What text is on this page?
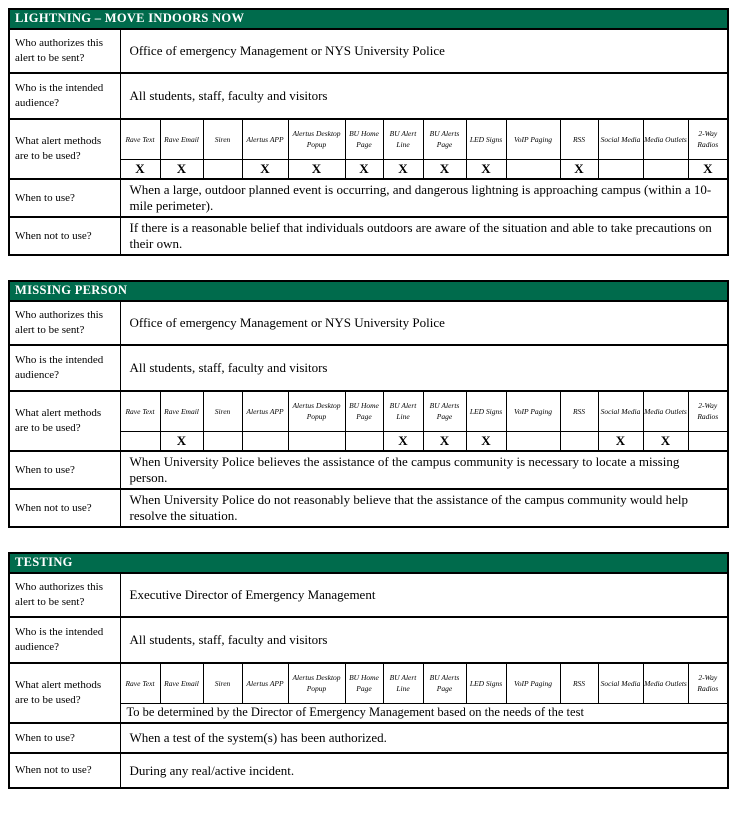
LIGHTNING – MOVE INDOORS NOW														
Who authorizes this alert to be sent?	Office of emergency Management or NYS University Police													
Who is the intended audience?	All students, staff, faculty and visitors													
What alert methods are to be used?	Rave Text	Rave Email	Siren	Alertus APP	Alertus Desktop Popup	BU Home Page	BU Alert Line	BU Alerts Page	LED Signs	VoIP Paging	RSS	Social Media	Media Outlets	2-Way Radios
	X	X		X	X	X	X	X	X		X			X
When to use?	When a large, outdoor planned event is occurring, and dangerous lightning is approaching campus (within a 10-mile perimeter).													
When not to use?	If there is a reasonable belief that individuals outdoors are aware of the situation and able to take precautions on their own.													
MISSING PERSON														
Who authorizes this alert to be sent?	Office of emergency Management or NYS University Police													
Who is the intended audience?	All students, staff, faculty and visitors													
What alert methods are to be used?	Rave Text	Rave Email	Siren	Alertus APP	Alertus Desktop Popup	BU Home Page	BU Alert Line	BU Alerts Page	LED Signs	VoIP Paging	RSS	Social Media	Media Outlets	2-Way Radios
		X					X	X	X			X	X	
When to use?	When University Police believes the assistance of the campus community is necessary to locate a missing person.													
When not to use?	When University Police do not reasonably believe that the assistance of the campus community would help resolve the situation.													
TESTING														
Who authorizes this alert to be sent?	Executive Director of Emergency Management													
Who is the intended audience?	All students, staff, faculty and visitors													
What alert methods are to be used?	Rave Text	Rave Email	Siren	Alertus APP	Alertus Desktop Popup	BU Home Page	BU Alert Line	BU Alerts Page	LED Signs	VoIP Paging	RSS	Social Media	Media Outlets	2-Way Radios
	To be determined by the Director of Emergency Management based on the needs of the test													
When to use?	When a test of the system(s) has been authorized.													
When not to use?	During any real/active incident.													
